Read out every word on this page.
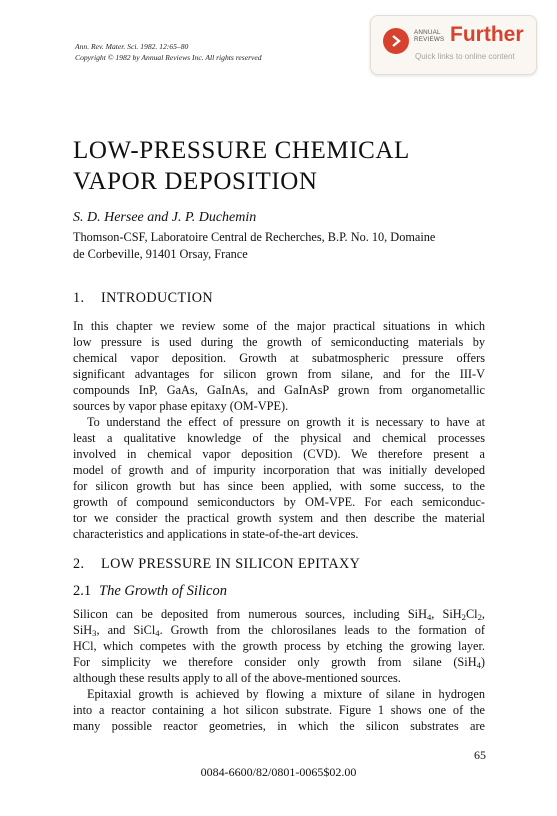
Ann. Rev. Mater. Sci. 1982. 12:65–80
Copyright © 1982 by Annual Reviews Inc. All rights reserved
ANNUAL
REVIEWS Further
Quick links to online content
LOW-PRESSURE CHEMICAL
VAPOR DEPOSITION
S. D. Hersee and J. P. Duchemin
Thomson-CSF, Laboratoire Central de Recherches, B.P. No. 10, Domaine
de Corbeville, 91401 Orsay, France
1. INTRODUCTION
In this chapter we review some of the major practical situations in which
low pressure is used during the growth of semiconducting materials by
chemical vapor deposition. Growth at subatmospheric pressure offers
significant advantages for silicon grown from silane, and for the III-V
compounds InP, GaAs, GaInAs, and GaInAsP grown from organometallic
sources by vapor phase epitaxy (OM-VPE).
To understand the effect of pressure on growth it is necessary to have at
least a qualitative knowledge of the physical and chemical processes
involved in chemical vapor deposition (CVD). We therefore present a
model of growth and of impurity incorporation that was initially developed
for silicon growth but has since been applied, with some success, to the
growth of compound semiconductors by OM-VPE. For each semiconduc-
tor we consider the practical growth system and then describe the material
characteristics and applications in state-of-the-art devices.
2. LOW PRESSURE IN SILICON EPITAXY
2.1 The Growth of Silicon
Silicon can be deposited from numerous sources, including SiH$_4$, $SiH_2Cl_2$,
SiH$_3$, and SiCl$_4$. Growth from the chlorosilanes leads to the formation of
HCl, which competes with the growth process by etching the growing layer.
For simplicity we therefore consider only growth from silane (SiH$_4$)
although these results apply to all of the above-mentioned sources.
Epitaxial growth is achieved by flowing a mixture of silane in hydrogen
into a reactor containing a hot silicon substrate. Figure 1 shows one of the
many possible reactor geometries, in which the silicon substrates are
65
0084-6600/82/0801-0065$02.00
